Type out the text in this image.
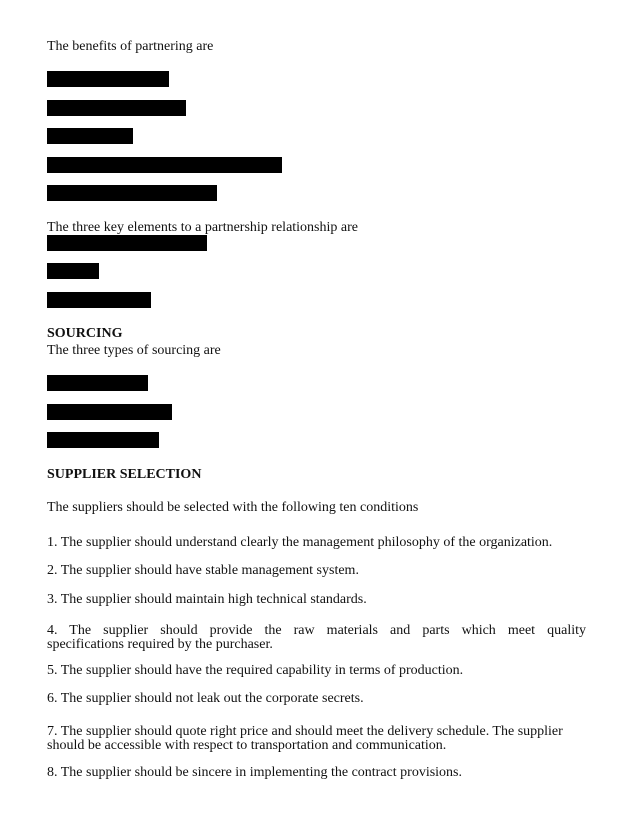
The benefits of partnering are
The three key elements to a partnership relationship are
SOURCING
The three types of sourcing are
SUPPLIER SELECTION
The suppliers should be selected with the following ten conditions
1. The supplier should understand clearly the management philosophy of the organization.
2. The supplier should have stable management system.
3. The supplier should maintain high technical standards.
4. The supplier should provide the raw materials and parts which meet quality
specifications required by the purchaser.
5. The supplier should have the required capability in terms of production.
6. The supplier should not leak out the corporate secrets.
7. The supplier should quote right price and should meet the delivery schedule. The supplier
should be accessible with respect to transportation and communication.
8. The supplier should be sincere in implementing the contract provisions.
